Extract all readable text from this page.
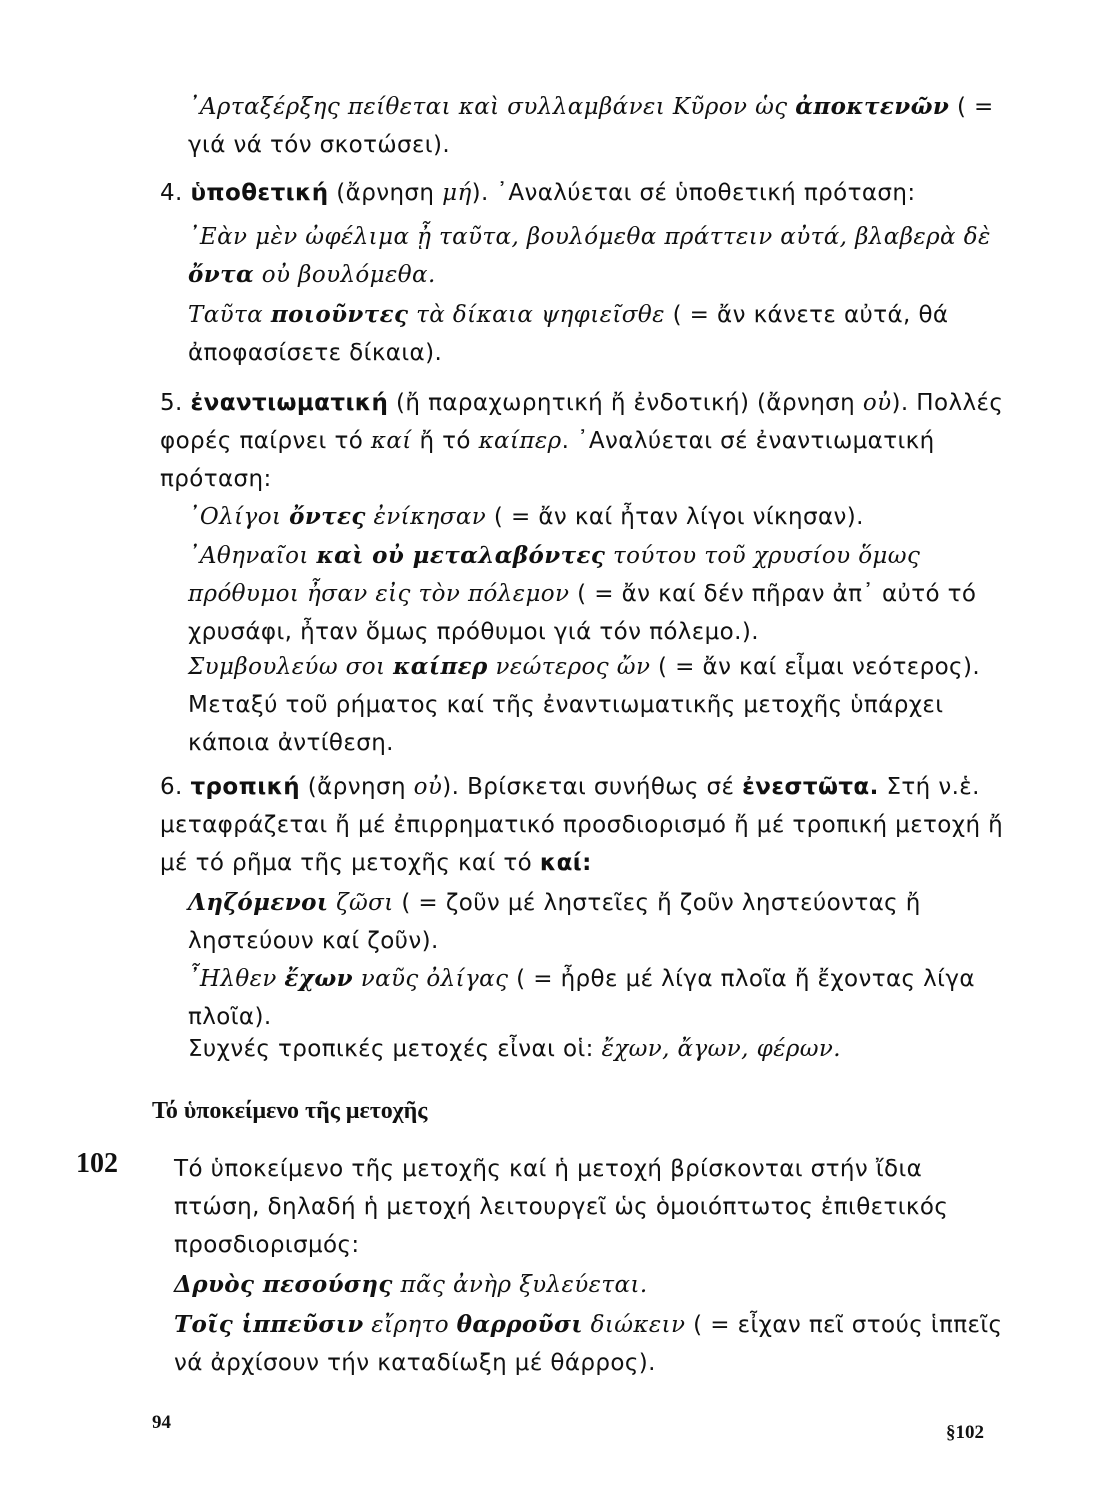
᾿Αρταξέρξης πείθεται καὶ συλλαμβάνει Κῦρον ὡς ἀποκτενῶν ( = γιά νά τόν σκοτώσει).

4. ὑποθετική (ἄρνηση μή). ᾿Αναλύεται σέ ὑποθετική πρόταση:

᾿Εὰν μὲν ὠφέλιμα ᾖ ταῦτα, βουλόμεθα πράττειν αὐτά, βλαβερὰ δὲ ὄντα οὐ βουλόμεθα.

Ταῦτα ποιοῦντες τὰ δίκαια ψηφιεῖσθε ( = ἄν κάνετε αὐτά, θά ἀποφασίσετε δίκαια).

5. ἐναντιωματική (ἤ παραχωρητική ἤ ἐνδοτική) (ἄρνηση οὐ). Πολλές φορές παίρνει τό καί ἤ τό καίπερ. ᾿Αναλύεται σέ ἐναντιωματική πρόταση:

᾿Ολίγοι ὄντες ἐνίκησαν ( = ἄν καί ἦταν λίγοι νίκησαν).

᾿Αθηναῖοι καὶ οὐ μεταλαβόντες τούτου τοῦ χρυσίου ὅμως πρόθυμοι ἦσαν εἰς τὸν πόλεμον ( = ἄν καί δέν πῆραν ἀπ᾿ αὐτό τό χρυσάφι, ἦταν ὅμως πρόθυμοι γιά τόν πόλεμο.).

Συμβουλεύω σοι καίπερ νεώτερος ὤν ( = ἄν καί εἶμαι νεότερος).

Μεταξύ τοῦ ρήματος καί τῆς ἐναντιωματικῆς μετοχῆς ὑπάρχει κάποια ἀντίθεση.

6. τροπική (ἄρνηση οὐ). Βρίσκεται συνήθως σέ ἐνεστῶτα. Στή ν.ἑ. μεταφράζεται ἤ μέ ἐπιρρηματικό προσδιορισμό ἤ μέ τροπική μετοχή ἤ μέ τό ρῆμα τῆς μετοχῆς καί τό καί:

Ληζόμενοι ζῶσι ( = ζοῦν μέ ληστεῖες ἤ ζοῦν ληστεύοντας ἤ ληστεύουν καί ζοῦν).

῏Ηλθεν ἔχων ναῦς ὀλίγας ( = ἦρθε μέ λίγα πλοῖα ἤ ἔχοντας λίγα πλοῖα).

Συχνές τροπικές μετοχές εἶναι οἱ: ἔχων, ἄγων, φέρων.

Τό ὑποκείμενο τῆς μετοχῆς
102 Τό ὑποκείμενο τῆς μετοχῆς καί ἡ μετοχή βρίσκονται στήν ἴδια πτώση, δηλαδή ἡ μετοχή λειτουργεῖ ὡς ὁμοιόπτωτος ἐπιθετικός προσδιορισμός:

Δρυὸς πεσούσης πᾶς ἀνὴρ ξυλεύεται.

Τοῖς ἱππεῦσιν εἴρητο θαρροῦσι διώκειν ( = εἶχαν πεῖ στούς ἱππεῖς νά ἀρχίσουν τήν καταδίωξη μέ θάρρος).

94	§102
